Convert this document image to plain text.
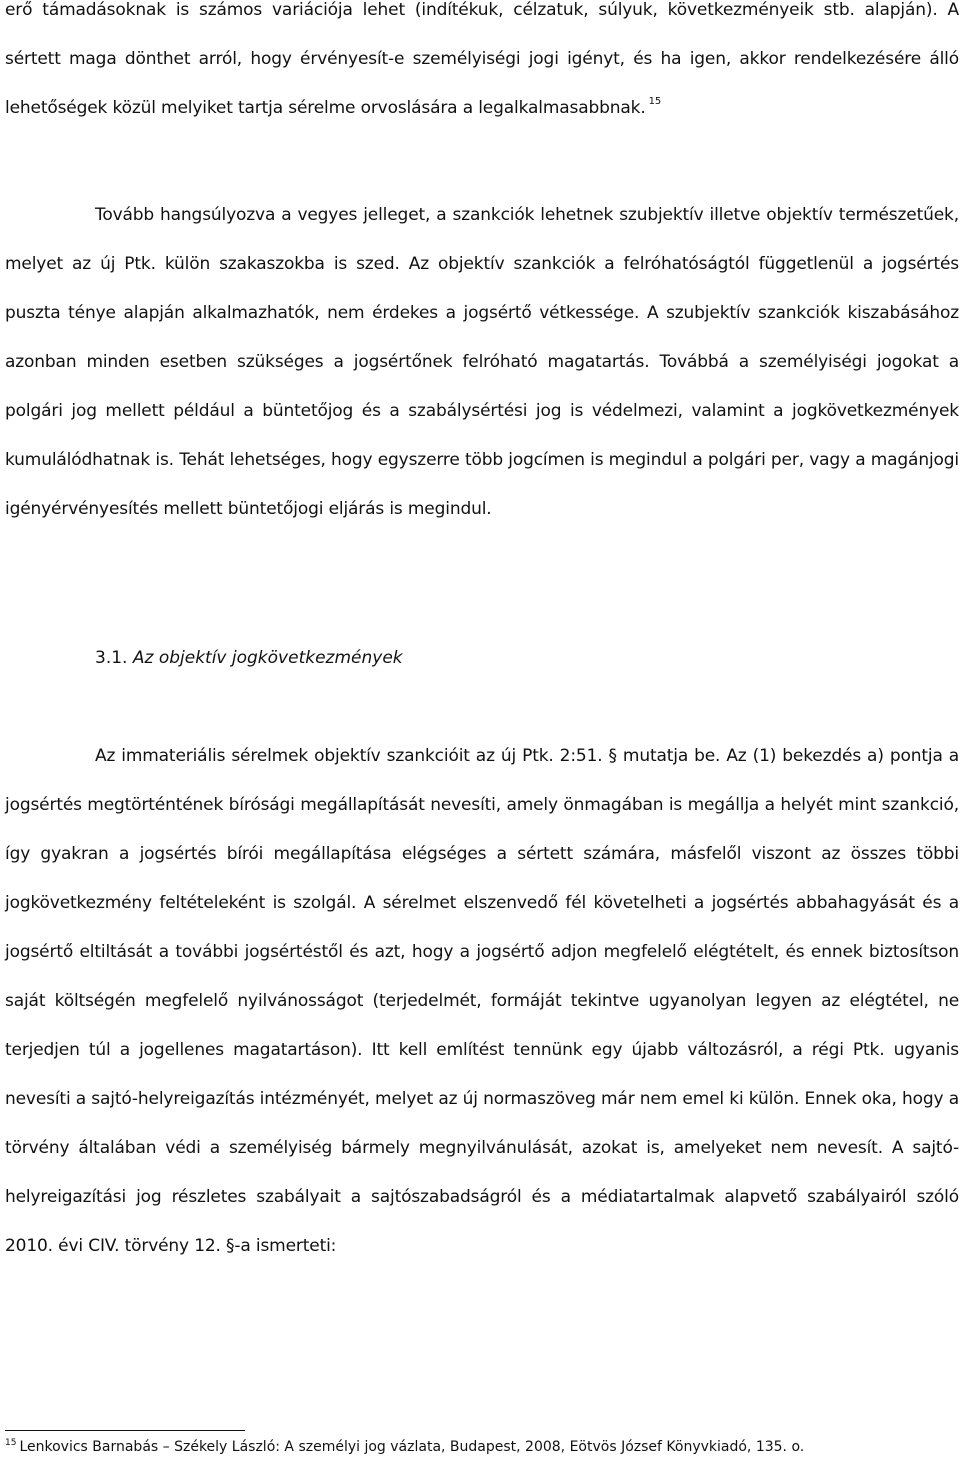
erő támadásoknak is számos variációja lehet (indítékuk, célzatuk, súlyuk, következményeik stb. alapján). A sértett maga dönthet arról, hogy érvényesít-e személyiségi jogi igényt, és ha igen, akkor rendelkezésére álló lehetőségek közül melyiket tartja sérelme orvoslására a legalkalmasabbnak. $^{15}$

Tovább hangsúlyozva a vegyes jelleget, a szankciók lehetnek szubjektív illetve objektív természetűek, melyet az új Ptk. külön szakaszokba is szed. Az objektív szankciók a felróhatóságtól függetlenül a jogsértés puszta ténye alapján alkalmazhatók, nem érdekes a jogsértő vétkessége. A szubjektív szankciók kiszabásához azonban minden esetben szükséges a jogsértőnek felróható magatartás. Továbbá a személyiségi jogokat a polgári jog mellett például a büntetőjog és a szabálysértési jog is védelmezi, valamint a jogkövetkezmények kumulálódhatnak is. Tehát lehetséges, hogy egyszerre több jogcímen is megindul a polgári per, vagy a magánjogi igényérvényesítés mellett büntetőjogi eljárás is megindul.

3.1. Az objektív jogkövetkezmények

Az immateriális sérelmek objektív szankcióit az új Ptk. 2:51. § mutatja be. Az (1) bekezdés a) pontja a jogsértés megtörténtének bírósági megállapítását nevesíti, amely önmagában is megállja a helyét mint szankció, így gyakran a jogsértés bírói megállapítása elégséges a sértett számára, másfelől viszont az összes többi jogkövetkezmény feltételeként is szolgál. A sérelmet elszenvedő fél követelheti a jogsértés abbahagyását és a jogsértő eltiltását a további jogsértéstől és azt, hogy a jogsértő adjon megfelelő elégtételt, és ennek biztosítson saját költségén megfelelő nyilvánosságot (terjedelmét, formáját tekintve ugyanolyan legyen az elégtétel, ne terjedjen túl a jogellenes magatartáson). Itt kell említést tennünk egy újabb változásról, a régi Ptk. ugyanis nevesíti a sajtó-helyreigazítás intézményét, melyet az új normaszöveg már nem emel ki külön. Ennek oka, hogy a törvény általában védi a személyiség bármely megnyilvánulását, azokat is, amelyeket nem nevesít. A sajtó-helyreigazítási jog részletes szabályait a sajtószabadságról és a médiatartalmak alapvető szabályairól szóló 2010. évi CIV. törvény 12. §-a ismerteti:

$^{15}$ Lenkovics Barnabás – Székely László: A személyi jog vázlata, Budapest, 2008, Eötvös József Könyvkiadó, 135. o.
